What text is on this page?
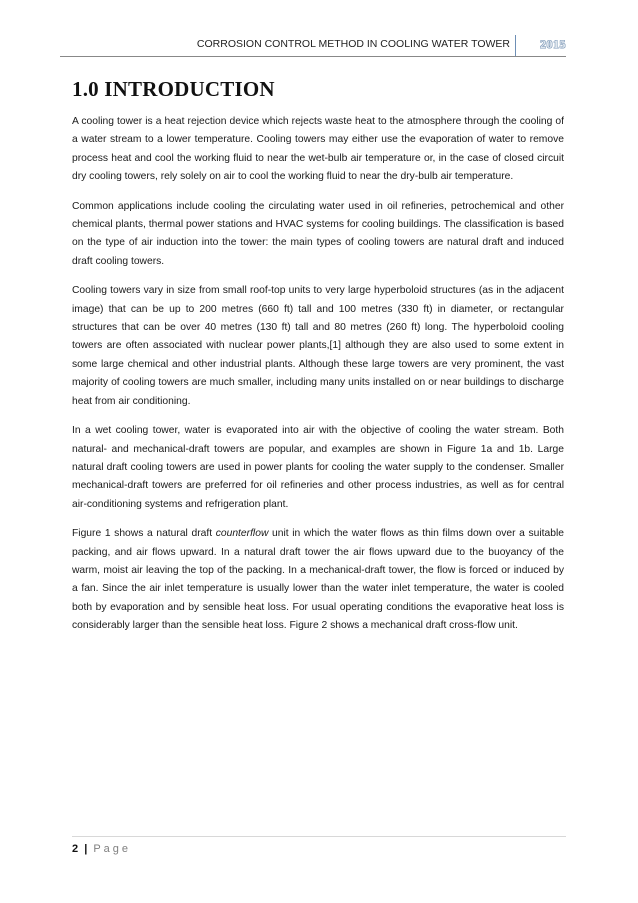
CORROSION CONTROL METHOD IN COOLING WATER TOWER	2015
1.0 INTRODUCTION

A cooling tower is a heat rejection device which rejects waste heat to the atmosphere through the cooling of a water stream to a lower temperature. Cooling towers may either use the evaporation of water to remove process heat and cool the working fluid to near the wet-bulb air temperature or, in the case of closed circuit dry cooling towers, rely solely on air to cool the working fluid to near the dry-bulb air temperature.

Common applications include cooling the circulating water used in oil refineries, petrochemical and other chemical plants, thermal power stations and HVAC systems for cooling buildings. The classification is based on the type of air induction into the tower: the main types of cooling towers are natural draft and induced draft cooling towers.

Cooling towers vary in size from small roof-top units to very large hyperboloid structures (as in the adjacent image) that can be up to 200 metres (660 ft) tall and 100 metres (330 ft) in diameter, or rectangular structures that can be over 40 metres (130 ft) tall and 80 metres (260 ft) long. The hyperboloid cooling towers are often associated with nuclear power plants,[1] although they are also used to some extent in some large chemical and other industrial plants. Although these large towers are very prominent, the vast majority of cooling towers are much smaller, including many units installed on or near buildings to discharge heat from air conditioning.

In a wet cooling tower, water is evaporated into air with the objective of cooling the water stream. Both natural- and mechanical-draft towers are popular, and examples are shown in Figure 1a and 1b. Large natural draft cooling towers are used in power plants for cooling the water supply to the condenser. Smaller mechanical-draft towers are preferred for oil refineries and other process industries, as well as for central air-conditioning systems and refrigeration plant.

Figure 1 shows a natural draft counterflow unit in which the water flows as thin films down over a suitable packing, and air flows upward. In a natural draft tower the air flows upward due to the buoyancy of the warm, moist air leaving the top of the packing. In a mechanical-draft tower, the flow is forced or induced by a fan. Since the air inlet temperature is usually lower than the water inlet temperature, the water is cooled both by evaporation and by sensible heat loss. For usual operating conditions the evaporative heat loss is considerably larger than the sensible heat loss. Figure 2 shows a mechanical draft cross-flow unit.

2 | Page
